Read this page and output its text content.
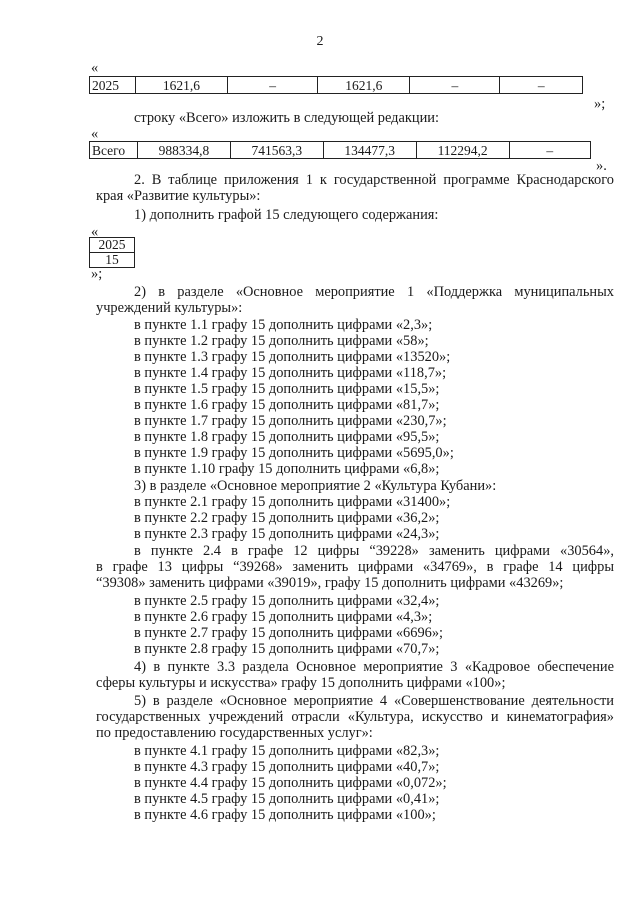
2
«
2025	1621,6	–	1621,6	–	–
»;
строку «Всего» изложить в следующей редакции:
«
Всего	988334,8	741563,3	134477,3	112294,2	–
».
2. В таблице приложения 1 к государственной программе Краснодарского
края «Развитие культуры»:
1) дополнить графой 15 следующего содержания:
«
2025
15
»;
2) в разделе «Основное мероприятие 1 «Поддержка муниципальных
учреждений культуры»:
в пункте 1.1 графу 15 дополнить цифрами «2,3»;
в пункте 1.2 графу 15 дополнить цифрами «58»;
в пункте 1.3 графу 15 дополнить цифрами «13520»;
в пункте 1.4 графу 15 дополнить цифрами «118,7»;
в пункте 1.5 графу 15 дополнить цифрами «15,5»;
в пункте 1.6 графу 15 дополнить цифрами «81,7»;
в пункте 1.7 графу 15 дополнить цифрами «230,7»;
в пункте 1.8 графу 15 дополнить цифрами «95,5»;
в пункте 1.9 графу 15 дополнить цифрами «5695,0»;
в пункте 1.10 графу 15 дополнить цифрами «6,8»;
3) в разделе «Основное мероприятие 2 «Культура Кубани»:
в пункте 2.1 графу 15 дополнить цифрами «31400»;
в пункте 2.2 графу 15 дополнить цифрами «36,2»;
в пункте 2.3 графу 15 дополнить цифрами «24,3»;
в пункте 2.4 в графе 12 цифры “39228» заменить цифрами «30564»,
в графе 13 цифры “39268» заменить цифрами «34769», в графе 14 цифры
“39308» заменить цифрами «39019», графу 15 дополнить цифрами «43269»;
в пункте 2.5 графу 15 дополнить цифрами «32,4»;
в пункте 2.6 графу 15 дополнить цифрами «4,3»;
в пункте 2.7 графу 15 дополнить цифрами «6696»;
в пункте 2.8 графу 15 дополнить цифрами «70,7»;
4) в пункте 3.3 раздела Основное мероприятие 3 «Кадровое обеспечение
сферы культуры и искусства» графу 15 дополнить цифрами «100»;
5) в разделе «Основное мероприятие 4 «Совершенствование деятельности
государственных учреждений отрасли «Культура, искусство и кинематография»
по предоставлению государственных услуг»:
в пункте 4.1 графу 15 дополнить цифрами «82,3»;
в пункте 4.3 графу 15 дополнить цифрами «40,7»;
в пункте 4.4 графу 15 дополнить цифрами «0,072»;
в пункте 4.5 графу 15 дополнить цифрами «0,41»;
в пункте 4.6 графу 15 дополнить цифрами «100»;
